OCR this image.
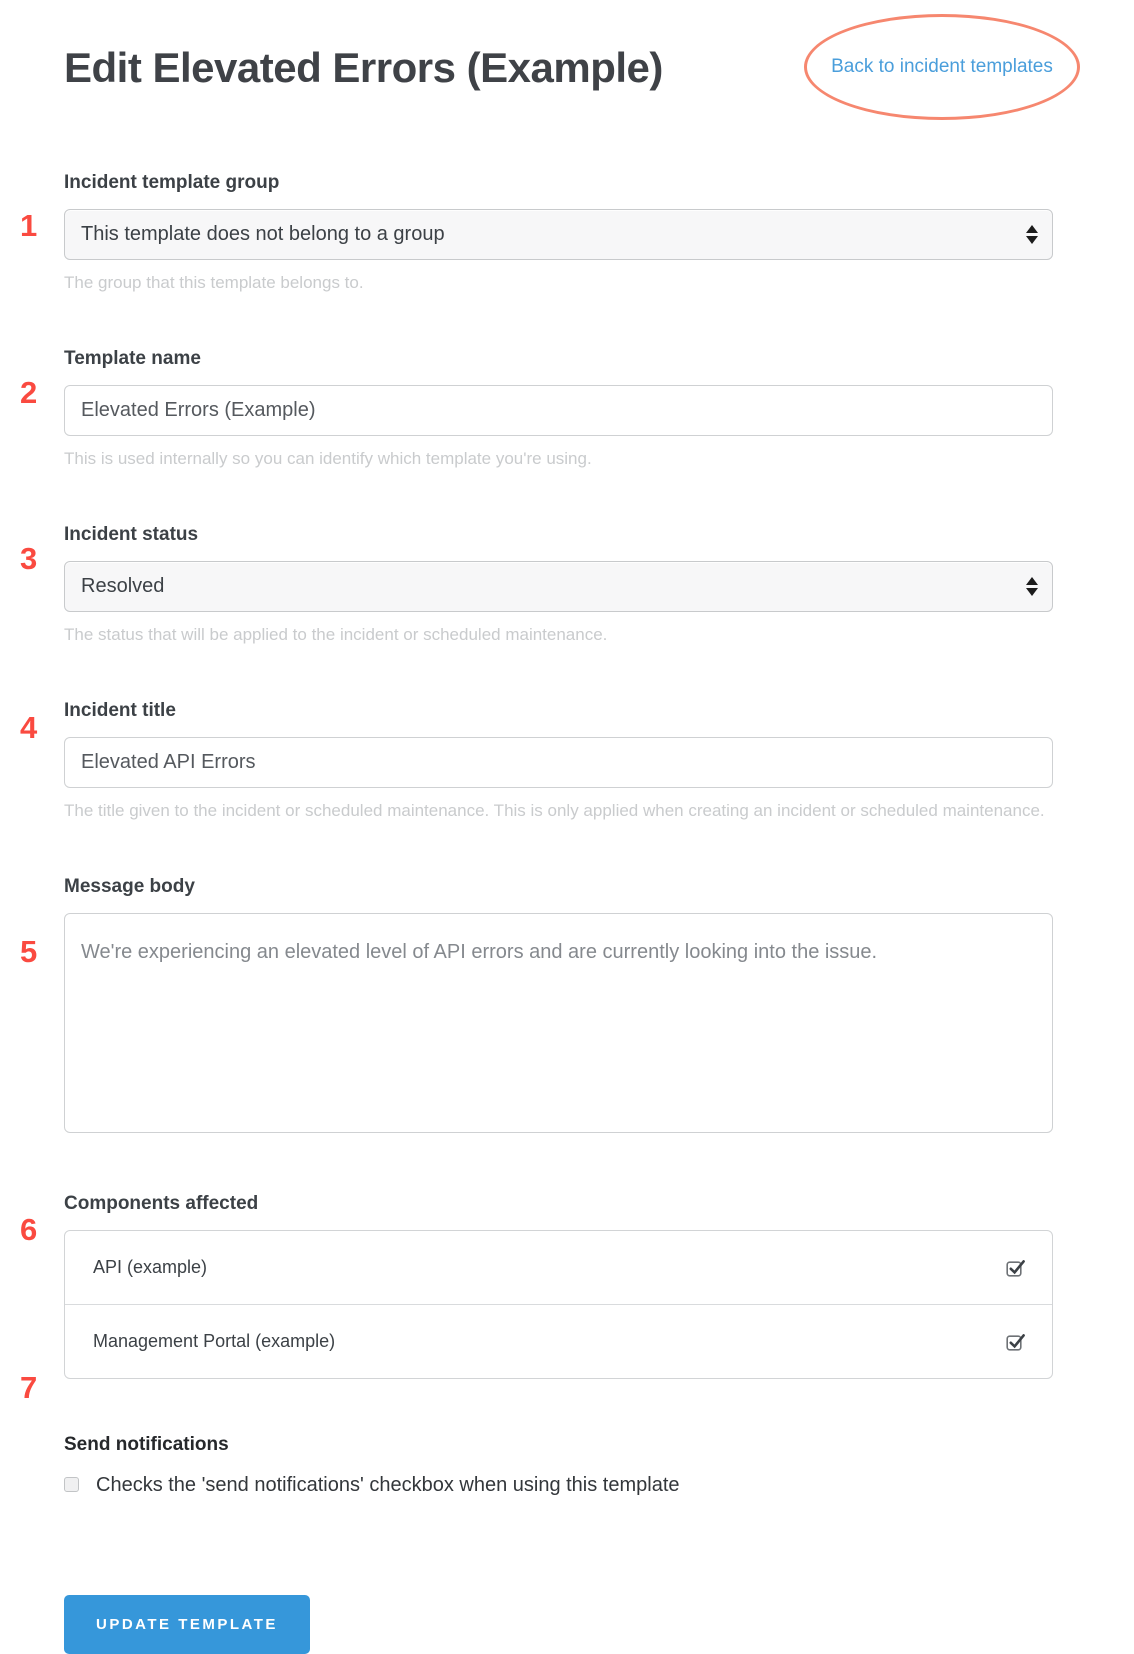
1
2
3
4
5
6
7
Edit Elevated Errors (Example)	Back to incident templates
Incident template group
This template does not belong to a group

The group that this template belongs to.

Template name
Elevated Errors (Example)

This is used internally so you can identify which template you're using.

Incident status
Resolved

The status that will be applied to the incident or scheduled maintenance.

Incident title
Elevated API Errors

The title given to the incident or scheduled maintenance. This is only applied when creating an incident or scheduled maintenance.

Message body
We're experiencing an elevated level of API errors and are currently looking into the issue.
Components affected
API (example)
Management Portal (example)
Send notifications
Checks the 'send notifications' checkbox when using this template
UPDATE TEMPLATE
